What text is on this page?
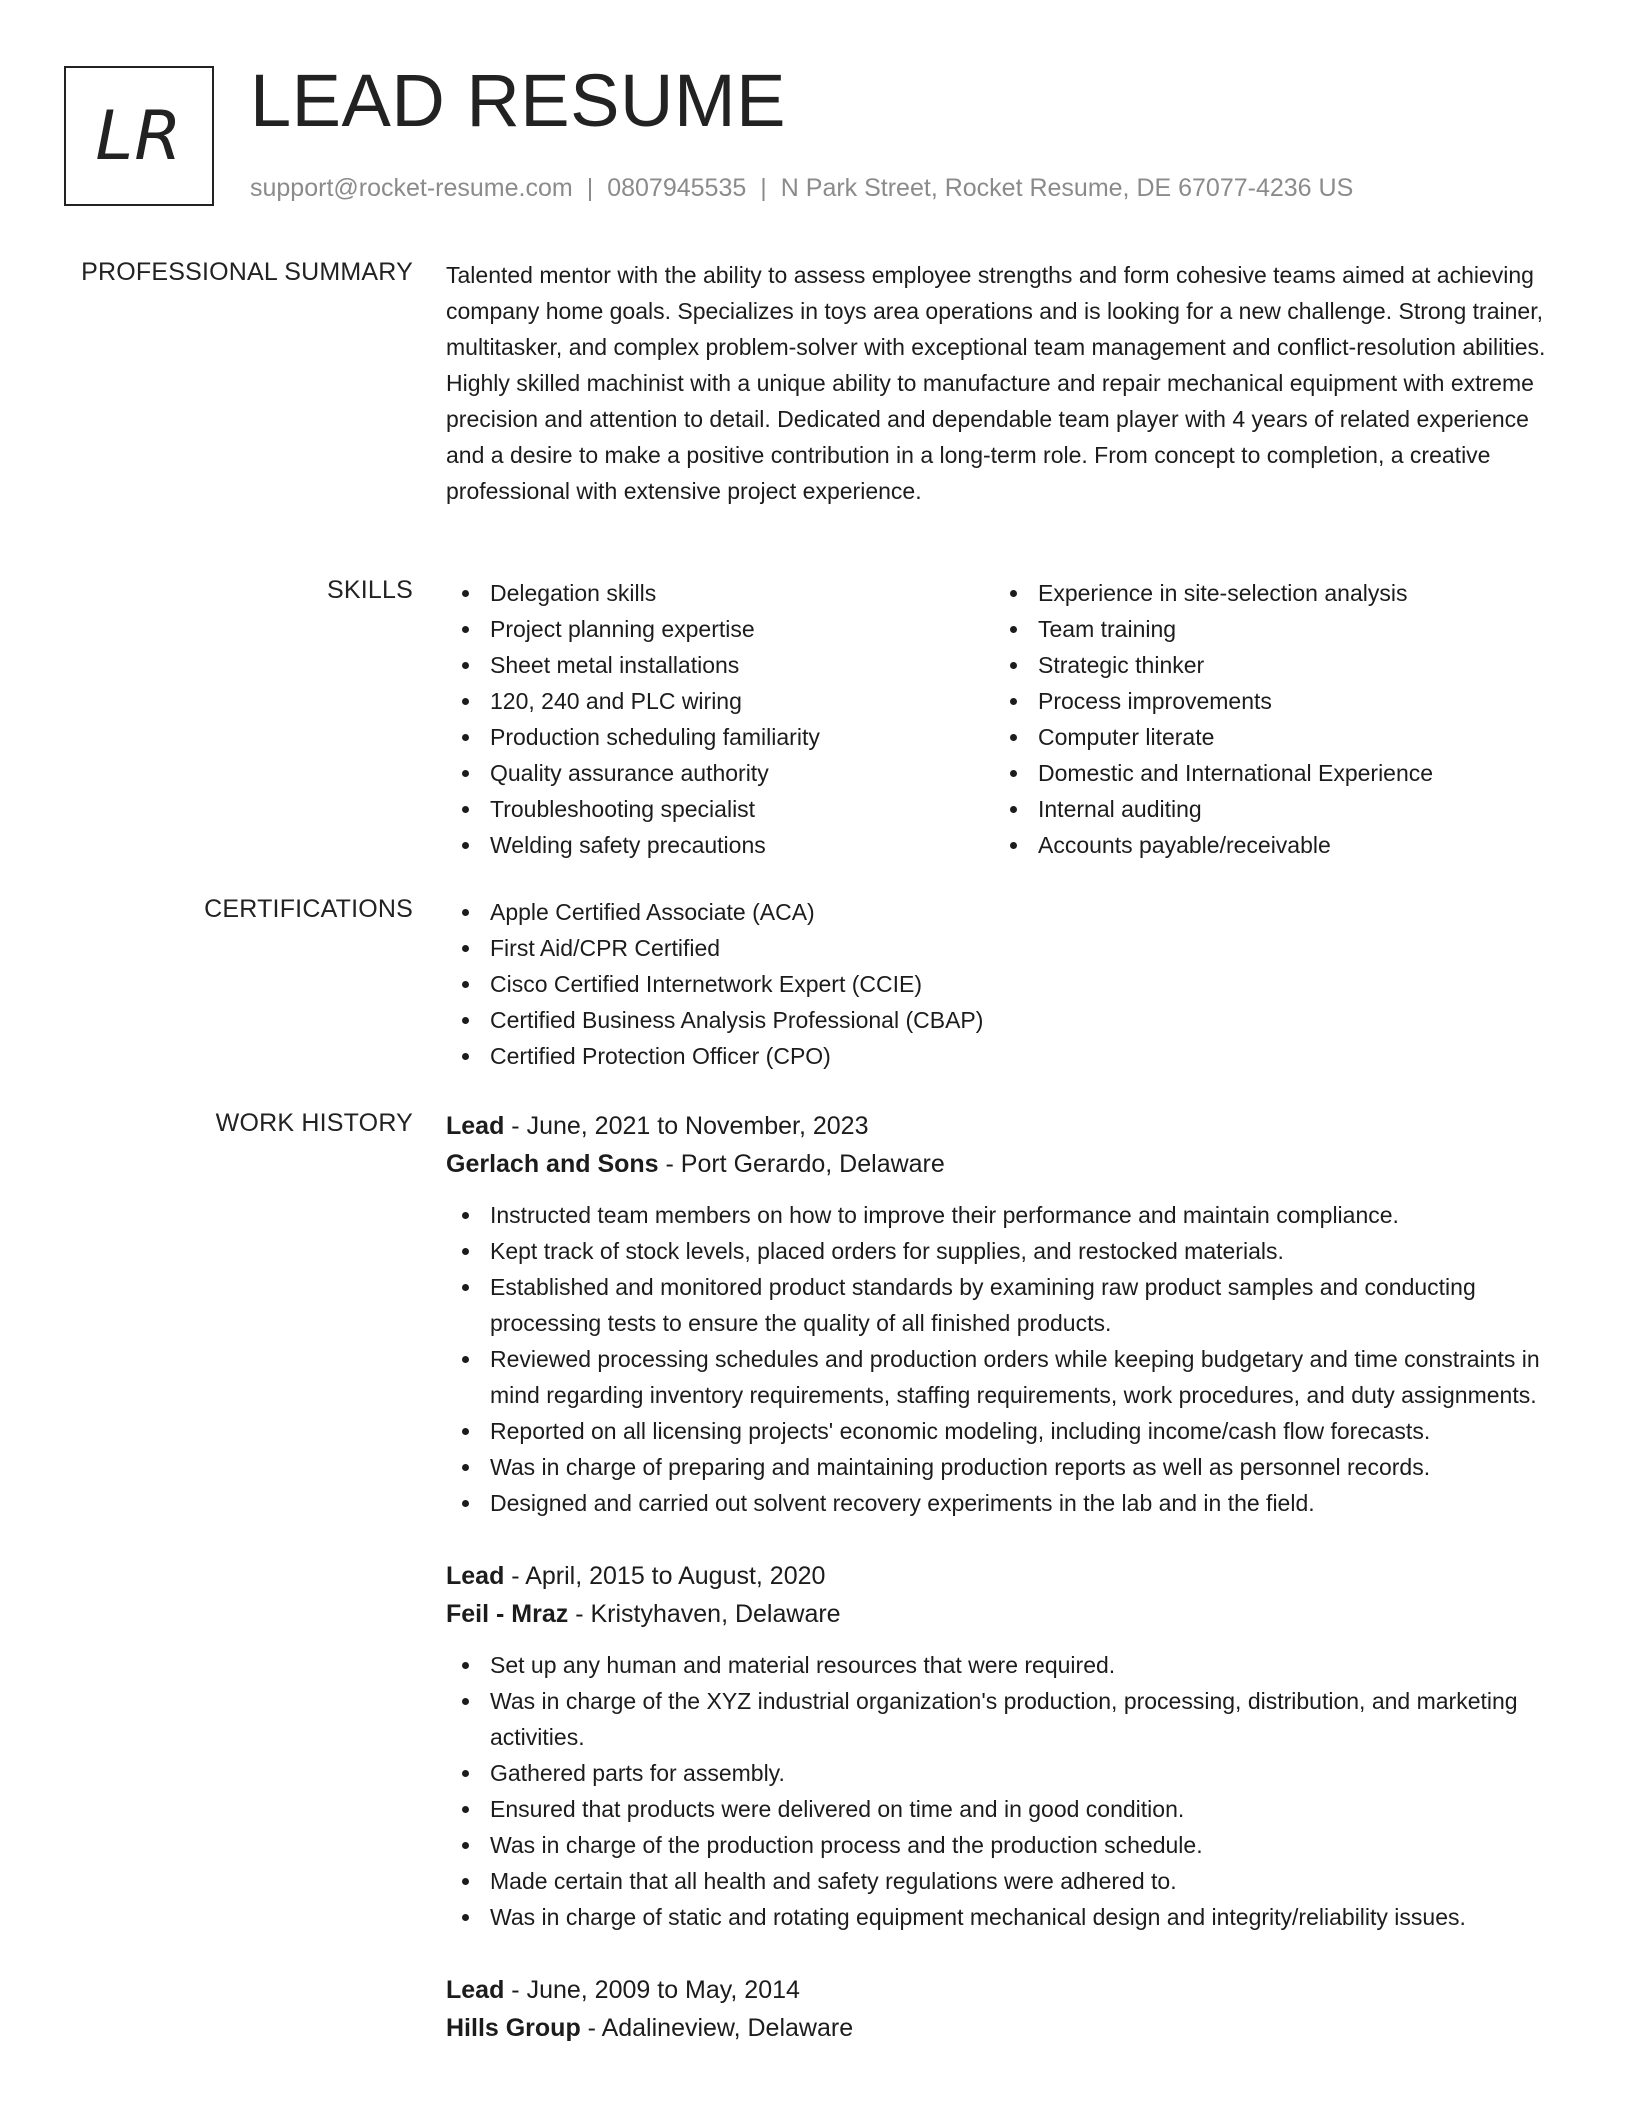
LR LEAD RESUME
support@rocket-resume.com | 0807945535 | N Park Street, Rocket Resume, DE 67077-4236 US
PROFESSIONAL SUMMARY Talented mentor with the ability to assess employee strengths and form cohesive teams aimed at achieving company home goals. Specializes in toys area operations and is looking for a new challenge. Strong trainer, multitasker, and complex problem-solver with exceptional team management and conflict-resolution abilities. Highly skilled machinist with a unique ability to manufacture and repair mechanical equipment with extreme precision and attention to detail. Dedicated and dependable team player with 4 years of related experience and a desire to make a positive contribution in a long-term role. From concept to completion, a creative professional with extensive project experience.
SKILLS	Delegation skills
Project planning expertise
Sheet metal installations
120, 240 and PLC wiring
Production scheduling familiarity
Quality assurance authority
Troubleshooting specialist
Welding safety precautions
Experience in site-selection analysis
Team training
Strategic thinker
Process improvements
Computer literate
Domestic and International Experience
Internal auditing
Accounts payable/receivable
CERTIFICATIONS	Apple Certified Associate (ACA)
First Aid/CPR Certified
Cisco Certified Internetwork Expert (CCIE)
Certified Business Analysis Professional (CBAP)
Certified Protection Officer (CPO)
WORK HISTORY Lead - June, 2021 to November, 2023
Gerlach and Sons - Port Gerardo, Delaware
Instructed team members on how to improve their performance and maintain compliance.
Kept track of stock levels, placed orders for supplies, and restocked materials.
Established and monitored product standards by examining raw product samples and conducting processing tests to ensure the quality of all finished products.
Reviewed processing schedules and production orders while keeping budgetary and time constraints in mind regarding inventory requirements, staffing requirements, work procedures, and duty assignments.
Reported on all licensing projects' economic modeling, including income/cash flow forecasts.
Was in charge of preparing and maintaining production reports as well as personnel records.
Designed and carried out solvent recovery experiments in the lab and in the field.
Lead - April, 2015 to August, 2020
Feil - Mraz - Kristyhaven, Delaware
Set up any human and material resources that were required.
Was in charge of the XYZ industrial organization's production, processing, distribution, and marketing activities.
Gathered parts for assembly.
Ensured that products were delivered on time and in good condition.
Was in charge of the production process and the production schedule.
Made certain that all health and safety regulations were adhered to.
Was in charge of static and rotating equipment mechanical design and integrity/reliability issues.
Lead - June, 2009 to May, 2014
Hills Group - Adalineview, Delaware
